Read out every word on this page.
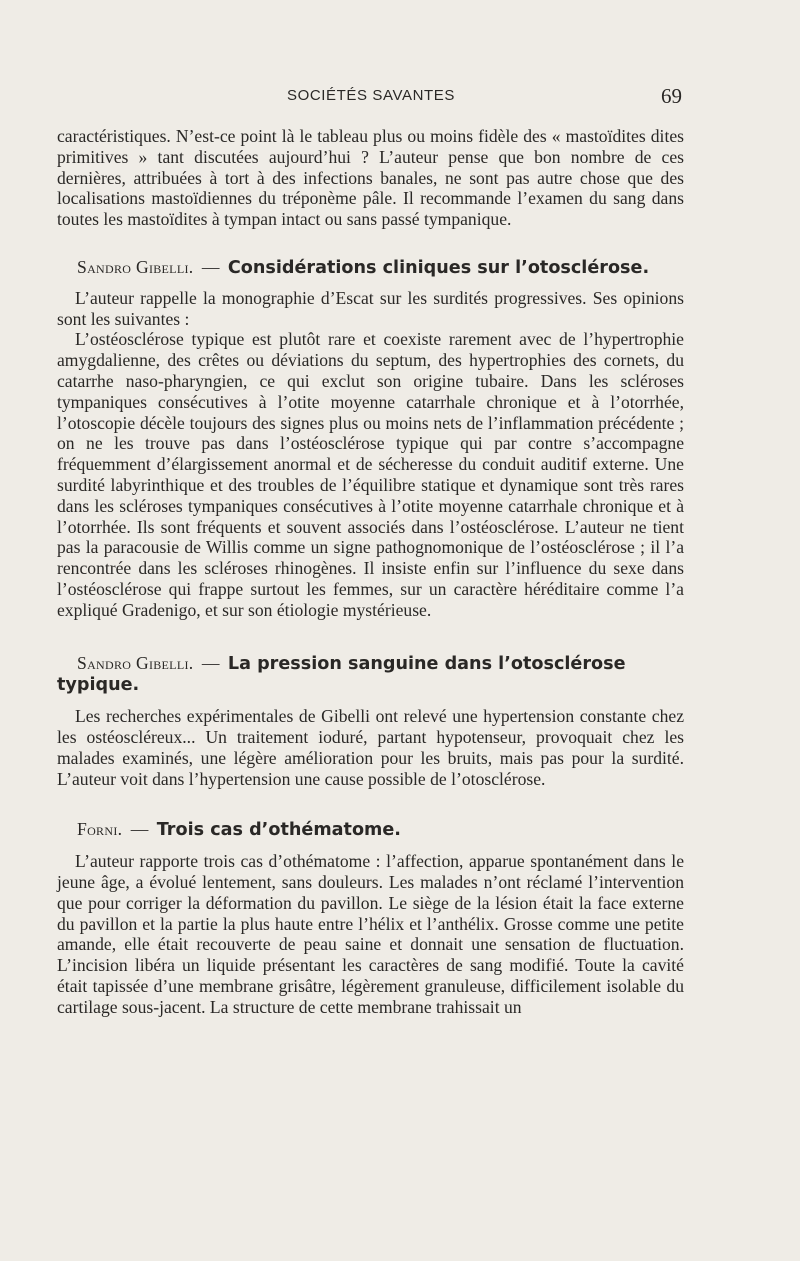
SOCIÉTÉS SAVANTES	69

caractéristiques. N’est-ce point là le tableau plus ou moins fidèle des « mastoïdites dites primitives » tant discutées aujourd’hui ? L’auteur pense que bon nombre de ces dernières, attribuées à tort à des infections banales, ne sont pas autre chose que des localisations mastoïdiennes du tréponème pâle. Il recommande l’examen du sang dans toutes les mastoïdites à tympan intact ou sans passé tympanique.

Sandro Gibelli. — Considérations cliniques sur l’otosclérose.

L’auteur rappelle la monographie d’Escat sur les surdités progressives. Ses opinions sont les suivantes :

L’ostéosclérose typique est plutôt rare et coexiste rarement avec de l’hypertrophie amygdalienne, des crêtes ou déviations du septum, des hypertrophies des cornets, du catarrhe naso-pharyngien, ce qui exclut son origine tubaire. Dans les scléroses tympaniques consécutives à l’otite moyenne catarrhale chronique et à l’otorrhée, l’otoscopie décèle toujours des signes plus ou moins nets de l’inflammation précédente ; on ne les trouve pas dans l’ostéosclérose typique qui par contre s’accompagne fréquemment d’élargissement anormal et de sécheresse du conduit auditif externe. Une surdité labyrinthique et des troubles de l’équilibre statique et dynamique sont très rares dans les scléroses tympaniques consécutives à l’otite moyenne catarrhale chronique et à l’otorrhée. Ils sont fréquents et souvent associés dans l’ostéosclérose. L’auteur ne tient pas la paracousie de Willis comme un signe pathognomonique de l’ostéosclérose ; il l’a rencontrée dans les scléroses rhinogènes. Il insiste enfin sur l’influence du sexe dans l’ostéosclérose qui frappe surtout les femmes, sur un caractère héréditaire comme l’a expliqué Gradenigo, et sur son étiologie mystérieuse.

Sandro Gibelli. — La pression sanguine dans l’otosclérose typique.

Les recherches expérimentales de Gibelli ont relevé une hypertension constante chez les ostéoscléreux... Un traitement ioduré, partant hypotenseur, provoquait chez les malades examinés, une légère amélioration pour les bruits, mais pas pour la surdité. L’auteur voit dans l’hypertension une cause possible de l’otosclérose.

Forni. — Trois cas d’othématome.

L’auteur rapporte trois cas d’othématome : l’affection, apparue spontanément dans le jeune âge, a évolué lentement, sans douleurs. Les malades n’ont réclamé l’intervention que pour corriger la déformation du pavillon. Le siège de la lésion était la face externe du pavillon et la partie la plus haute entre l’hélix et l’anthélix. Grosse comme une petite amande, elle était recouverte de peau saine et donnait une sensation de fluctuation. L’incision libéra un liquide présentant les caractères de sang modifié. Toute la cavité était tapissée d’une membrane grisâtre, légèrement granuleuse, difficilement isolable du cartilage sous-jacent. La structure de cette membrane trahissait un
